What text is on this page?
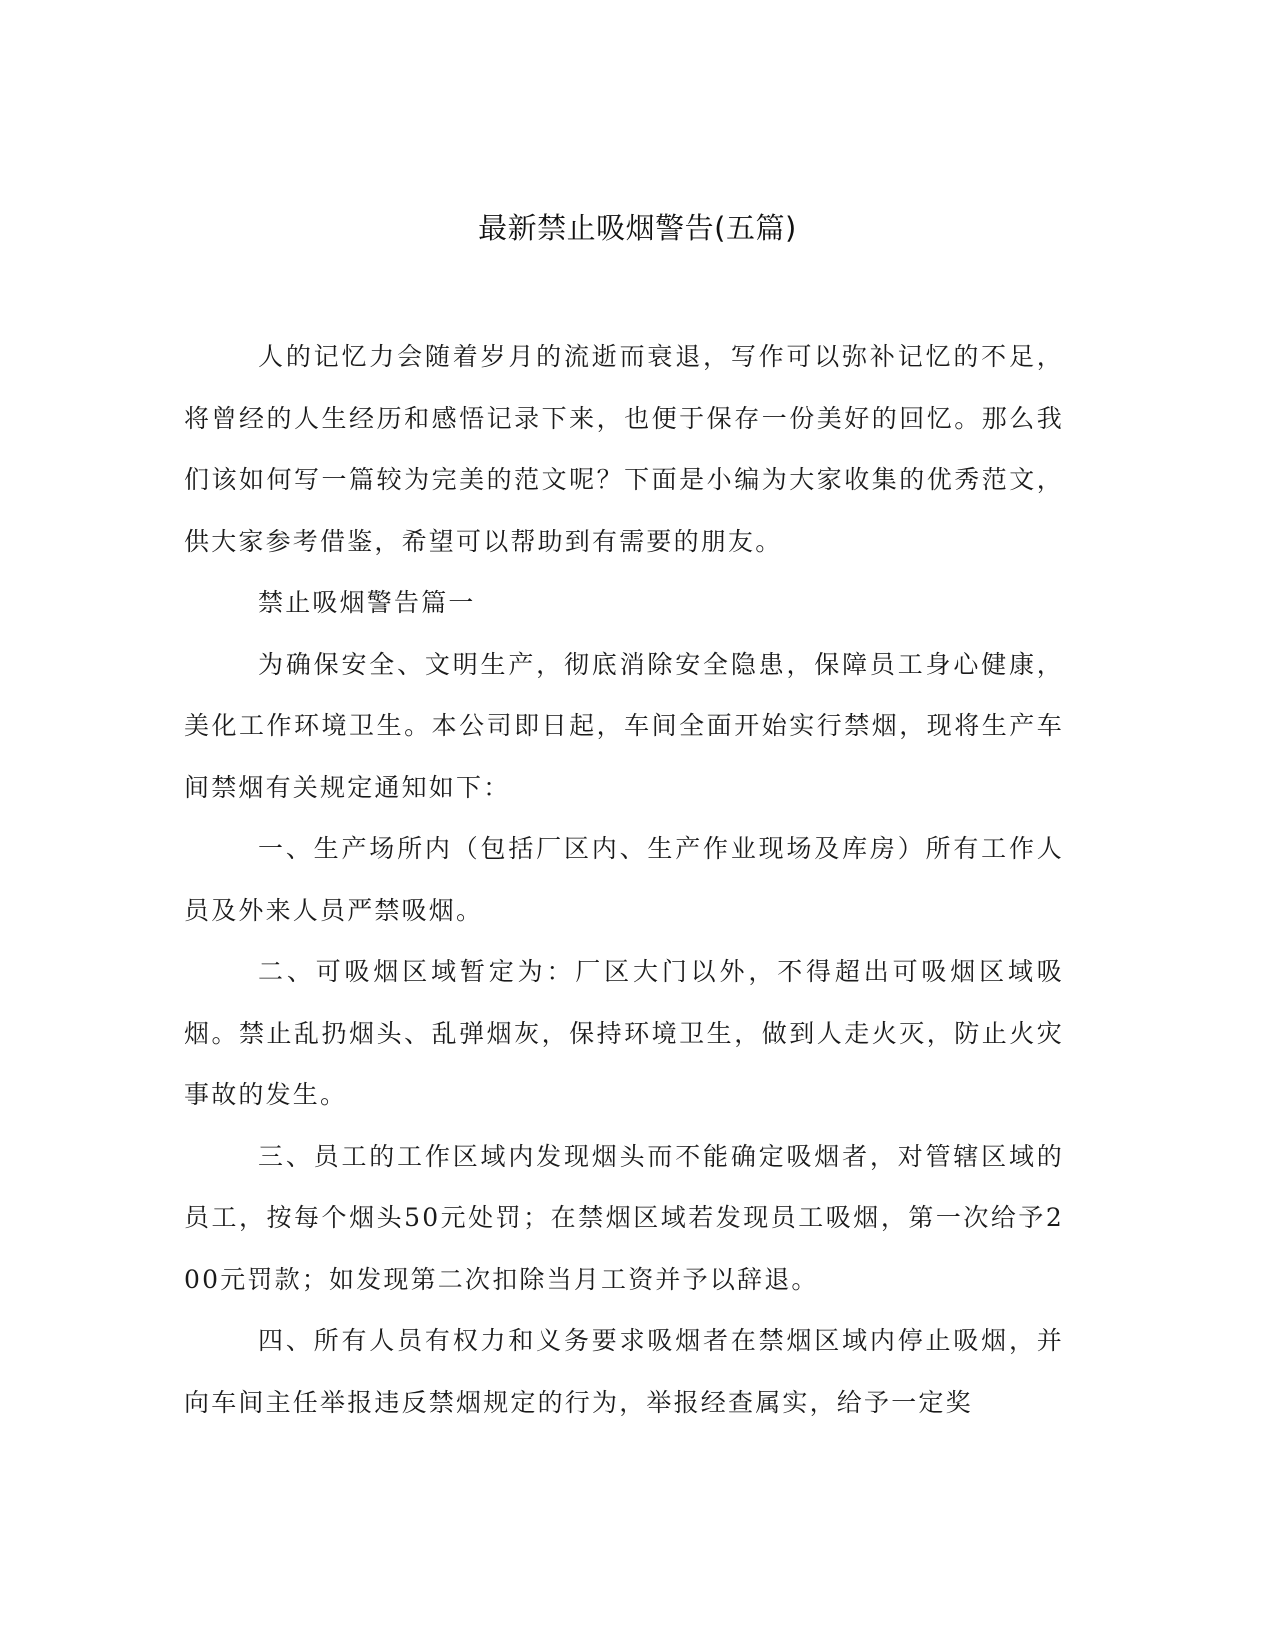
最新禁止吸烟警告(五篇)

人的记忆力会随着岁月的流逝而衰退，写作可以弥补记忆的不足，将曾经的人生经历和感悟记录下来，也便于保存一份美好的回忆。那么我们该如何写一篇较为完美的范文呢？下面是小编为大家收集的优秀范文，供大家参考借鉴，希望可以帮助到有需要的朋友。

禁止吸烟警告篇一

为确保安全、文明生产，彻底消除安全隐患，保障员工身心健康，美化工作环境卫生。本公司即日起，车间全面开始实行禁烟，现将生产车间禁烟有关规定通知如下：

一、生产场所内（包括厂区内、生产作业现场及库房）所有工作人员及外来人员严禁吸烟。

二、可吸烟区域暂定为：厂区大门以外，不得超出可吸烟区域吸烟。禁止乱扔烟头、乱弹烟灰，保持环境卫生，做到人走火灭，防止火灾事故的发生。

三、员工的工作区域内发现烟头而不能确定吸烟者，对管辖区域的员工，按每个烟头50元处罚；在禁烟区域若发现员工吸烟，第一次给予200元罚款；如发现第二次扣除当月工资并予以辞退。

四、所有人员有权力和义务要求吸烟者在禁烟区域内停止吸烟，并向车间主任举报违反禁烟规定的行为，举报经查属实，给予一定奖
